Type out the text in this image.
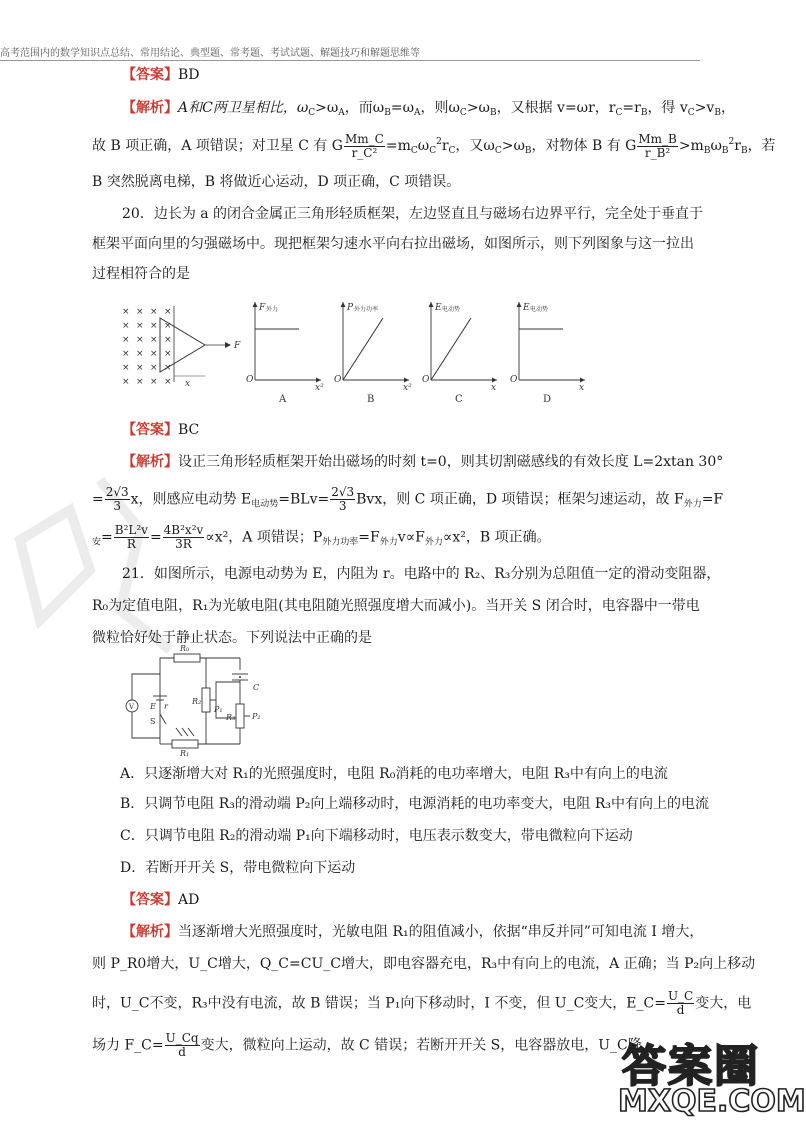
高考范围内的数学知识点总结、常用结论、典型题、常考题、考试试题、解题技巧和解题思维等
【答案】BD
【解析】A和C两卫星相比，$\omega_C>\omega_A$，而$\omega_B=\omega_A$，则$\omega_C>\omega_B$，又根据 v=ωr，$r_C=r_B$，得 $v_C>v_B$，
故 B 项正确，A 项错误；对卫星 C 有 G $\frac{Mm\_C}{\text{r\_C²}} =m_C\omega_C^2r_C$，又$\omega_C>\omega_B$，对物体 B 有 G $\frac{Mm\_B}{\text{r\_B²}} >m_B\omega_B^2r_B$，若
B 突然脱离电梯，B 将做近心运动，D 项正确，C 项错误。
20．边长为 a 的闭合金属正三角形轻质框架，左边竖直且与磁场右边界平行，完全处于垂直于
框架平面向里的匀强磁场中。现把框架匀速水平向右拉出磁场，如图所示，则下列图象与这一拉出
过程相符合的是
× × × ×
× × × ×
× × × ×
× × × ×
× × × ×
× × × ×
F
x
F 外力
x²
O
A
P 外力功率
x²
O
B
E 电动势
x
O
C
E 电动势
x
O
D
【答案】BC
【解析】设正三角形轻质框架开始出磁场的时刻 t=0，则其切割磁感线的有效长度 L=2xtan 30°
= $\frac{2√3}{3}$ x，则感应电动势 $E_{电动势}=BLv= \frac{2√3}{3}$ Bvx，则 C 项正确，D 项错误；框架匀速运动，故 $F_{外力}=F$
$_安= \frac{\text{B²L²v}}{R} = \frac{\text{4B²x²v}}{3R} \propto x^2$，A 项错误；$P_{外力功率}=F_{外力}v\propto F_{外力}\propto x^2$，B 项正确。
21．如图所示，电源电动势为 E，内阻为 r。电路中的 R₂、R₃分别为总阻值一定的滑动变阻器，
R₀为定值电阻，R₁为光敏电阻(其电阻随光照强度增大而减小)。当开关 S 闭合时，电容器中一带电
微粒恰好处于静止状态。下列说法中正确的是
R₀
C
V E r
S
R₂
P₁
R₃ P₂
R₁
A．只逐渐增大对 R₁的光照强度时，电阻 R₀消耗的电功率增大，电阻 R₃中有向上的电流
B．只调节电阻 R₃的滑动端 P₂向上端移动时，电源消耗的电功率变大，电阻 R₃中有向上的电流
C．只调节电阻 R₂的滑动端 P₁向下端移动时，电压表示数变大，带电微粒向下运动
D．若断开开关 S，带电微粒向下运动
【答案】AD
【解析】当逐渐增大光照强度时，光敏电阻 R₁的阻值减小，依据“串反并同”可知电流 I 增大，
则 P_R0增大，U_C增大，Q_C=CU_C增大，即电容器充电，R₃中有向上的电流，A 正确；当 P₂向上移动
时，U_C不变，R₃中没有电流，故 B 错误；当 P₁向下移动时，I 不变，但 U_C变大，E_C= $\frac{U\_C}{d}$ 变大，电
场力 F_C= $\frac{U\_Cq}{d}$ 变大，微粒向上运动，故 C 错误；若断开开关 S，电容器放电，U_C降
答案圈
MXQE.COM
